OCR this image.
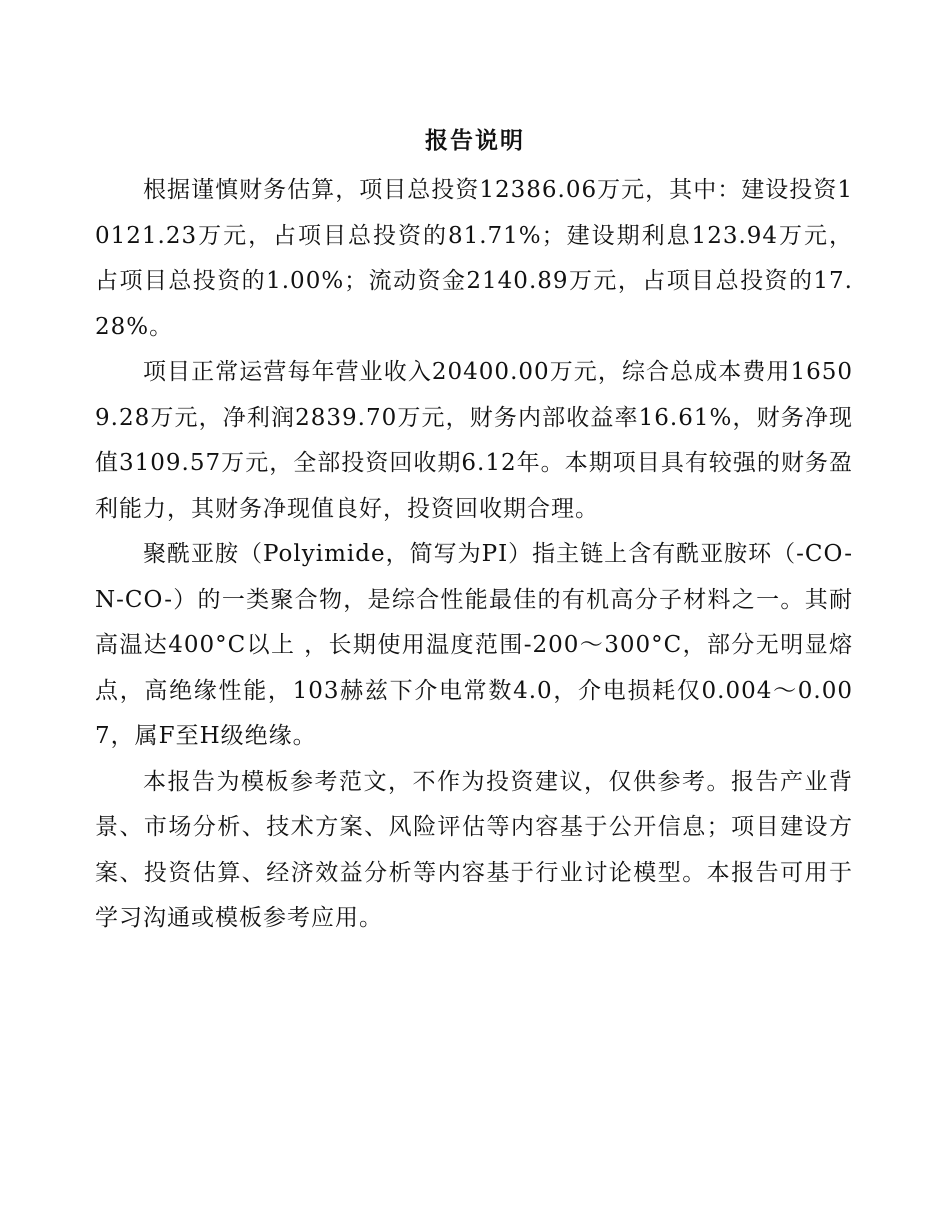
报告说明

根据谨慎财务估算，项目总投资12386.06万元，其中：建设投资10121.23万元，占项目总投资的81.71%；建设期利息123.94万元，占项目总投资的1.00%；流动资金2140.89万元，占项目总投资的17.28%。

项目正常运营每年营业收入20400.00万元，综合总成本费用16509.28万元，净利润2839.70万元，财务内部收益率16.61%，财务净现值3109.57万元，全部投资回收期6.12年。本期项目具有较强的财务盈利能力，其财务净现值良好，投资回收期合理。

聚酰亚胺（Polyimide，简写为PI）指主链上含有酰亚胺环（-CO-N-CO-）的一类聚合物，是综合性能最佳的有机高分子材料之一。其耐高温达400°C以上 ，长期使用温度范围-200～300°C，部分无明显熔点，高绝缘性能，103赫兹下介电常数4.0，介电损耗仅0.004～0.007，属F至H级绝缘。

本报告为模板参考范文，不作为投资建议，仅供参考。报告产业背景、市场分析、技术方案、风险评估等内容基于公开信息；项目建设方案、投资估算、经济效益分析等内容基于行业讨论模型。本报告可用于学习沟通或模板参考应用。
